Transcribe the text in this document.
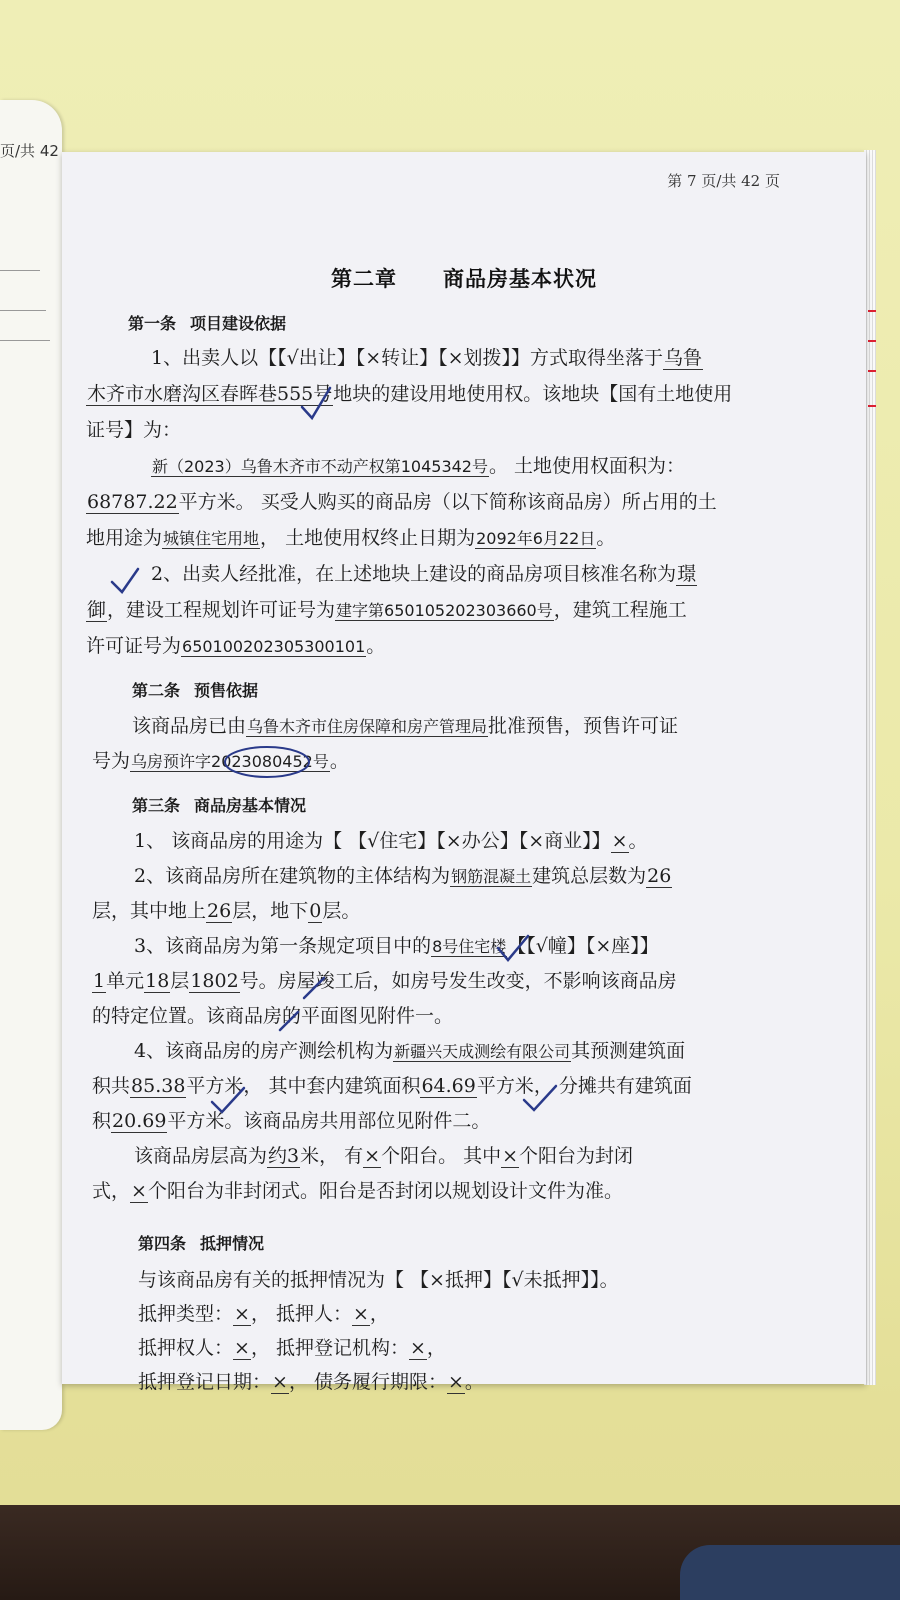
页/共 42
第 7 页/共 42 页
第二章 商品房基本状况
第一条 项目建设依据
1、出卖人以【【√出让】【×转让】【×划拨】】方式取得坐落于乌鲁
木齐市水磨沟区春晖巷555号地块的建设用地使用权。该地块【国有土地使用
证号】为：
新（2023）乌鲁木齐市不动产权第1045342号。 土地使用权面积为：
68787.22平方米。 买受人购买的商品房（以下简称该商品房）所占用的土
地用途为城镇住宅用地， 土地使用权终止日期为2092年6月22日。
2、出卖人经批准，在上述地块上建设的商品房项目核准名称为璟
御，建设工程规划许可证号为建字第650105202303660号，建筑工程施工
许可证号为650100202305300101。
第二条 预售依据
该商品房已由乌鲁木齐市住房保障和房产管理局批准预售，预售许可证
号为乌房预许字2023080452号。
第三条 商品房基本情况
1、 该商品房的用途为【 【√住宅】【×办公】【×商业】】×。
2、该商品房所在建筑物的主体结构为钢筋混凝土建筑总层数为26
层，其中地上26层，地下0层。
3、该商品房为第一条规定项目中的8号住宅楼【【√幢】【×座】】
1单元18层1802号。房屋竣工后，如房号发生改变，不影响该商品房
的特定位置。该商品房的平面图见附件一。
4、该商品房的房产测绘机构为新疆兴天成测绘有限公司其预测建筑面
积共85.38平方米， 其中套内建筑面积64.69平方米， 分摊共有建筑面
积20.69平方米。该商品房共用部位见附件二。
该商品房层高为约3米， 有×个阳台。 其中×个阳台为封闭
式，×个阳台为非封闭式。阳台是否封闭以规划设计文件为准。
第四条 抵押情况
与该商品房有关的抵押情况为【 【×抵押】【√未抵押】】。
抵押类型：×， 抵押人：×，
抵押权人：×， 抵押登记机构：×，
抵押登记日期：×， 债务履行期限：×。
